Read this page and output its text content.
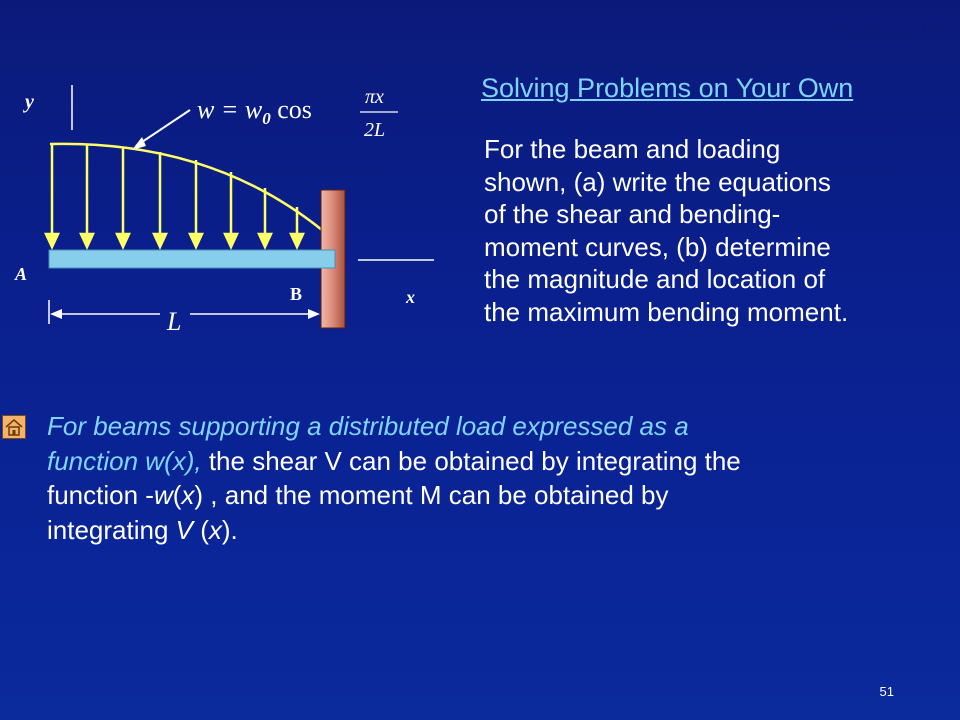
Problem 7.159
Solving Problems on Your Own
y
x
A
B
L
$w = w_0$ cos	πx
2L
For the beam and loading
shown, (a) write the equations
of the shear and bending-
moment curves, (b) determine
the magnitude and location of
the maximum bending moment.
For beams supporting a distributed load expressed as a
function w(x), the shear V can be obtained by integrating the
function -w(x) , and the moment M can be obtained by
integrating V (x).
51
